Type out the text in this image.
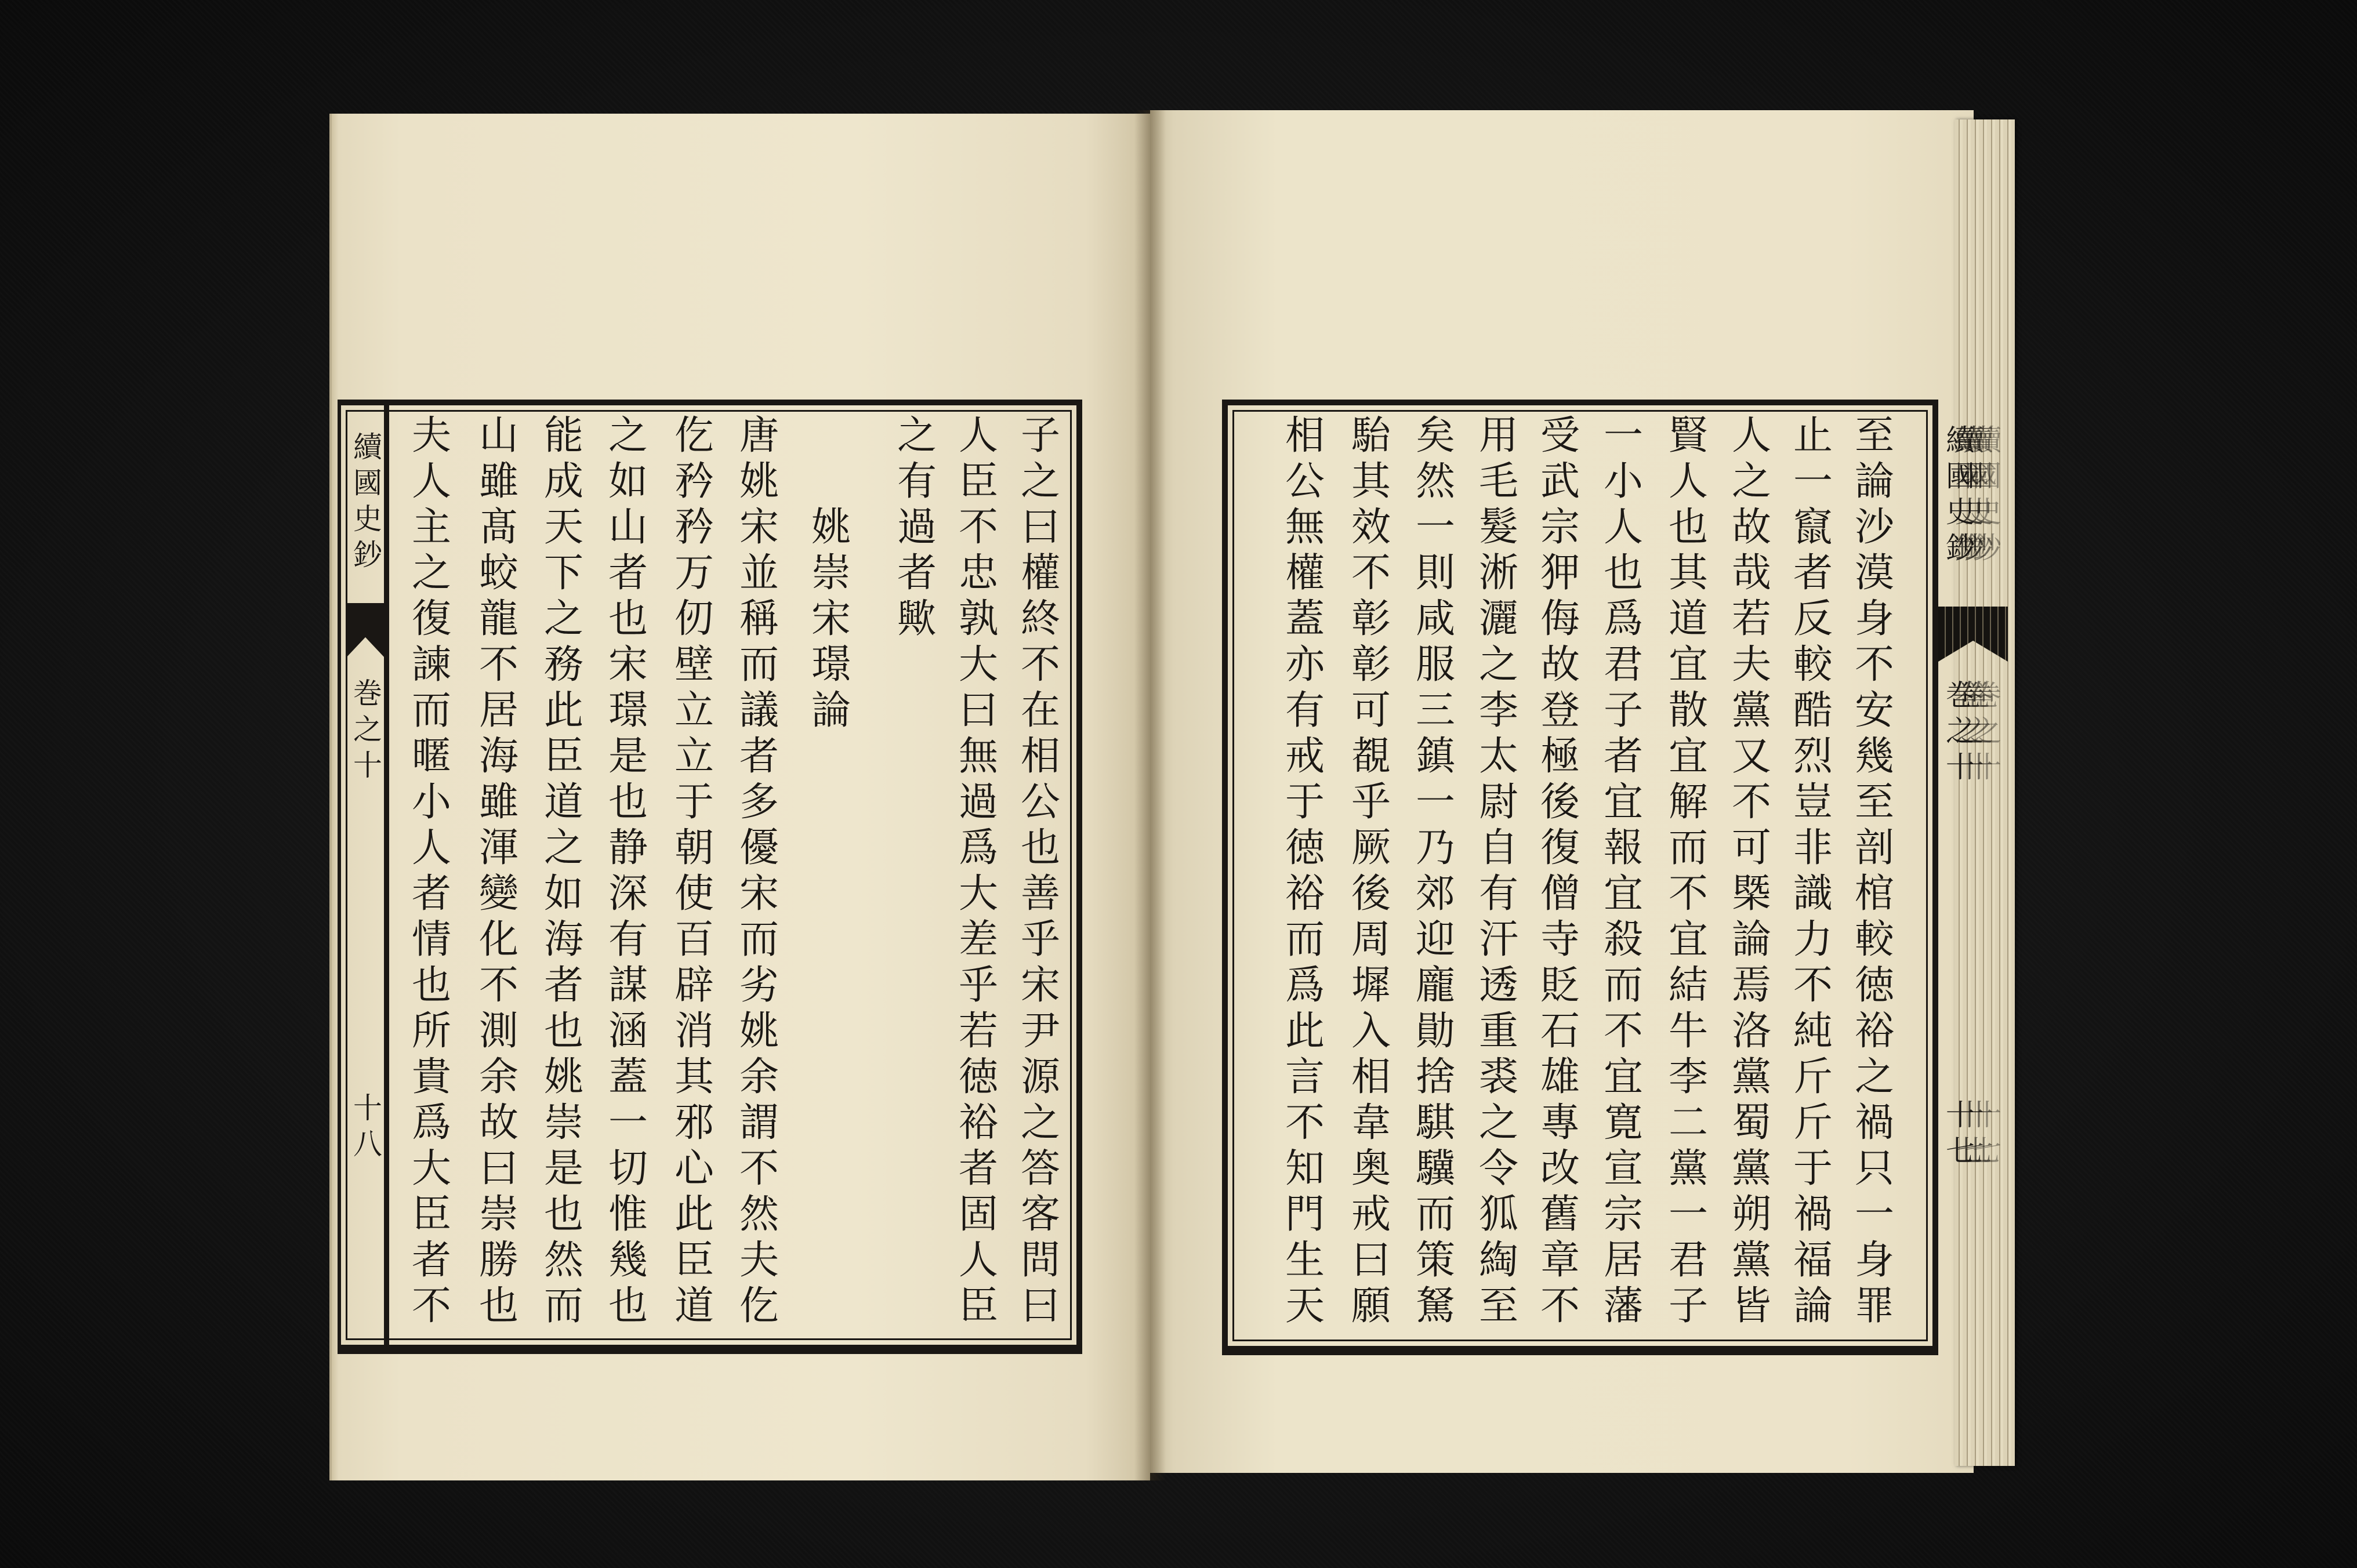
續
國
史
鈔
巻
之
十
十
八
續
國
史
鈔
巻
之
十
十
七
至
論
沙
漠
身
不
安
幾
至
剖
棺
較
徳
裕
之
禍
只
一
身
罪
止
一
竄
者
反
較
酷
烈
豈
非
識
力
不
純
斤
斤
于
禍
福
論
人
之
故
哉
若
夫
黨
又
不
可
槩
論
焉
洛
黨
蜀
黨
朔
黨
皆
賢
人
也
其
道
宜
散
宜
解
而
不
宜
結
牛
李
二
黨
一
君
子
一
小
人
也
爲
君
子
者
宜
報
宜
殺
而
不
宜
寛
宣
宗
居
藩
受
武
宗
狎
侮
故
登
極
後
復
僧
寺
貶
石
雄
專
改
舊
章
不
用
毛
髮
淅
灑
之
李
太
尉
自
有
汗
透
重
裘
之
令
狐
綯
至
矣
然
一
則
咸
服
三
鎮
一
乃
郊
迎
龐
勛
捨
騏
驥
而
策
駑
駘
其
效
不
彰
彰
可
覩
乎
厥
後
周
墀
入
相
韋
奥
戒
曰
願
相
公
無
權
蓋
亦
有
戒
于
徳
裕
而
爲
此
言
不
知
門
生
天
子
之
曰
權
終
不
在
相
公
也
善
乎
宋
尹
源
之
答
客
問
曰
人
臣
不
忠
孰
大
曰
無
過
爲
大
差
乎
若
徳
裕
者
固
人
臣
之
有
過
者
歟
姚
崇
宋
璟
論
唐
姚
宋
並
稱
而
議
者
多
優
宋
而
劣
姚
余
謂
不
然
夫
仡
仡
矜
矜
万
仞
壁
立
立
于
朝
使
百
辟
消
其
邪
心
此
臣
道
之
如
山
者
也
宋
璟
是
也
静
深
有
謀
涵
蓋
一
切
惟
幾
也
能
成
天
下
之
務
此
臣
道
之
如
海
者
也
姚
崇
是
也
然
而
山
雖
髙
蛟
龍
不
居
海
雖
渾
變
化
不
測
余
故
曰
崇
勝
也
夫
人
主
之
復
諫
而
暱
小
人
者
情
也
所
貴
爲
大
臣
者
不
